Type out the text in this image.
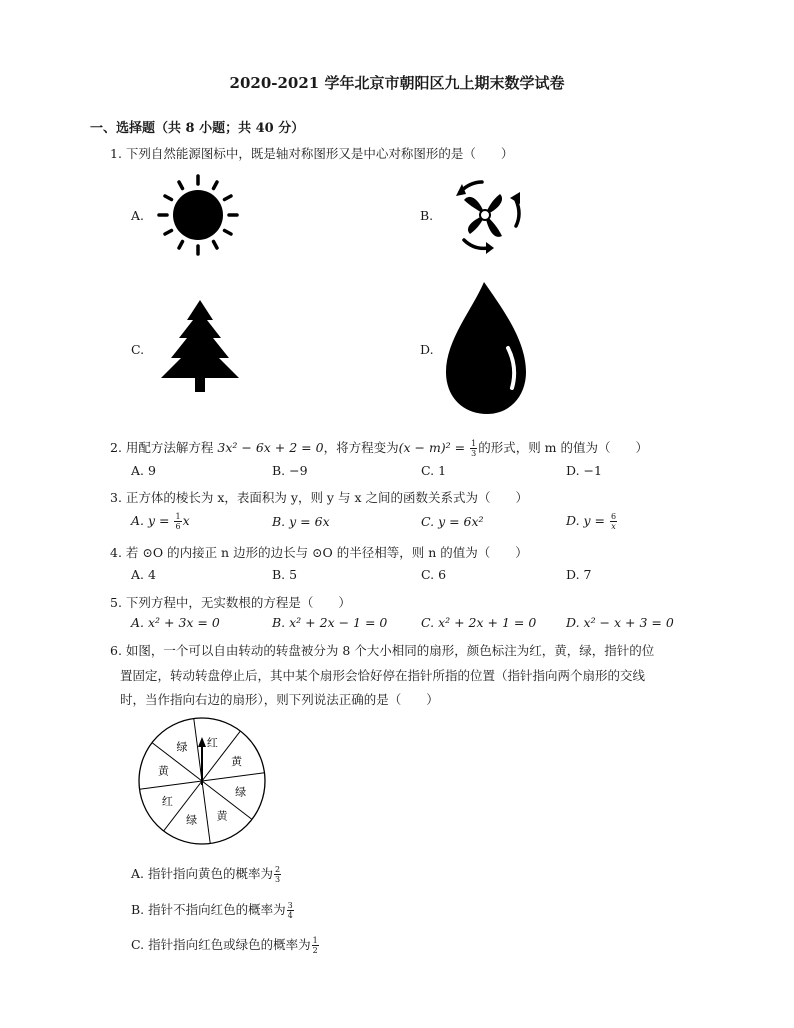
2020-2021 学年北京市朝阳区九上期末数学试卷
一、选择题（共 8 小题；共 40 分）
1. 下列自然能源图标中，既是轴对称图形又是中心对称图形的是（　　）
A.	B.
C.	D.
2. 用配方法解方程 3x² − 6x + 2 = 0，将方程变为$(x - m)^2 = \frac{1}{3}$ 的形式，则 m 的值为（　　）
A. 9	B. −9	C. 1	D. −1
3. 正方体的棱长为 x，表面积为 y，则 y 与 x 之间的函数关系式为（　　）
A. $y = \frac{1}{6}$ x	B. y = 6x	C. y = 6x²	D. $y = \frac{6}{x}$
4. 若 ⊙O 的内接正 n 边形的边长与 ⊙O 的半径相等，则 n 的值为（　　）
A. 4	B. 5	C. 6	D. 7
5. 下列方程中，无实数根的方程是（　　）
A. x² + 3x = 0	B. x² + 2x − 1 = 0	C. x² + 2x + 1 = 0 D. x² − x + 3 = 0
6. 如图，一个可以自由转动的转盘被分为 8 个大小相同的扇形，颜色标注为红，黄，绿，指针的位
置固定，转动转盘停止后，其中某个扇形会恰好停在指针所指的位置（指针指向两个扇形的交线
时，当作指向右边的扇形），则下列说法正确的是（　　）
红
黄
绿
黄
绿
红
黄
绿
A. 指针指向黄色的概率为 $\frac{2}{3}$
B. 指针不指向红色的概率为 $\frac{3}{4}$
C. 指针指向红色或绿色的概率为 $\frac{1}{2}$
